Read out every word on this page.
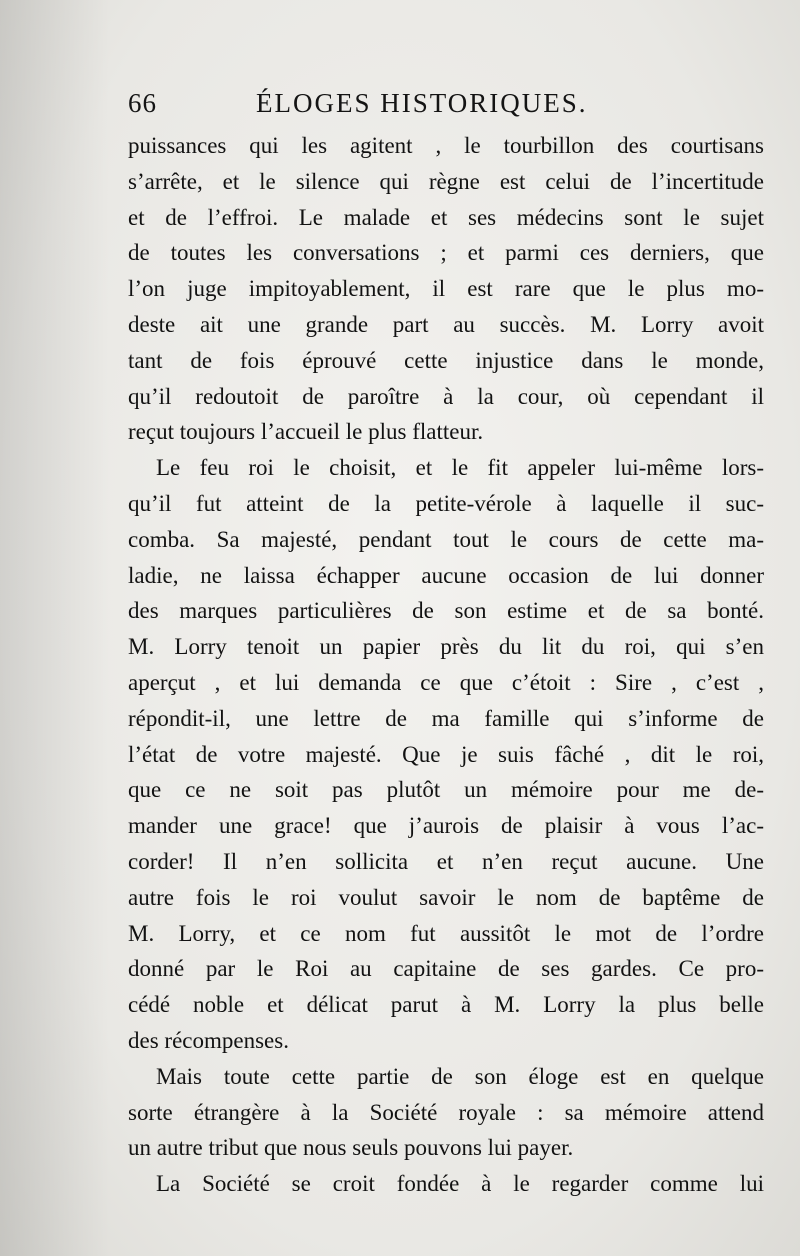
66	ÉLOGES HISTORIQUES.
puissances qui les agitent , le tourbillon des courtisans
s’arrête, et le silence qui règne est celui de l’incertitude
et de l’effroi. Le malade et ses médecins sont le sujet
de toutes les conversations ; et parmi ces derniers, que
l’on juge impitoyablement, il est rare que le plus mo-
deste ait une grande part au succès. M. Lorry avoit
tant de fois éprouvé cette injustice dans le monde,
qu’il redoutoit de paroître à la cour, où cependant il
reçut toujours l’accueil le plus flatteur.
Le feu roi le choisit, et le fit appeler lui-même lors-
qu’il fut atteint de la petite-vérole à laquelle il suc-
comba. Sa majesté, pendant tout le cours de cette ma-
ladie, ne laissa échapper aucune occasion de lui donner
des marques particulières de son estime et de sa bonté.
M. Lorry tenoit un papier près du lit du roi, qui s’en
aperçut , et lui demanda ce que c’étoit : Sire , c’est ,
répondit-il, une lettre de ma famille qui s’informe de
l’état de votre majesté. Que je suis fâché , dit le roi,
que ce ne soit pas plutôt un mémoire pour me de-
mander une grace! que j’aurois de plaisir à vous l’ac-
corder! Il n’en sollicita et n’en reçut aucune. Une
autre fois le roi voulut savoir le nom de baptême de
M. Lorry, et ce nom fut aussitôt le mot de l’ordre
donné par le Roi au capitaine de ses gardes. Ce pro-
cédé noble et délicat parut à M. Lorry la plus belle
des récompenses.
Mais toute cette partie de son éloge est en quelque
sorte étrangère à la Société royale : sa mémoire attend
un autre tribut que nous seuls pouvons lui payer.
La Société se croit fondée à le regarder comme lui
